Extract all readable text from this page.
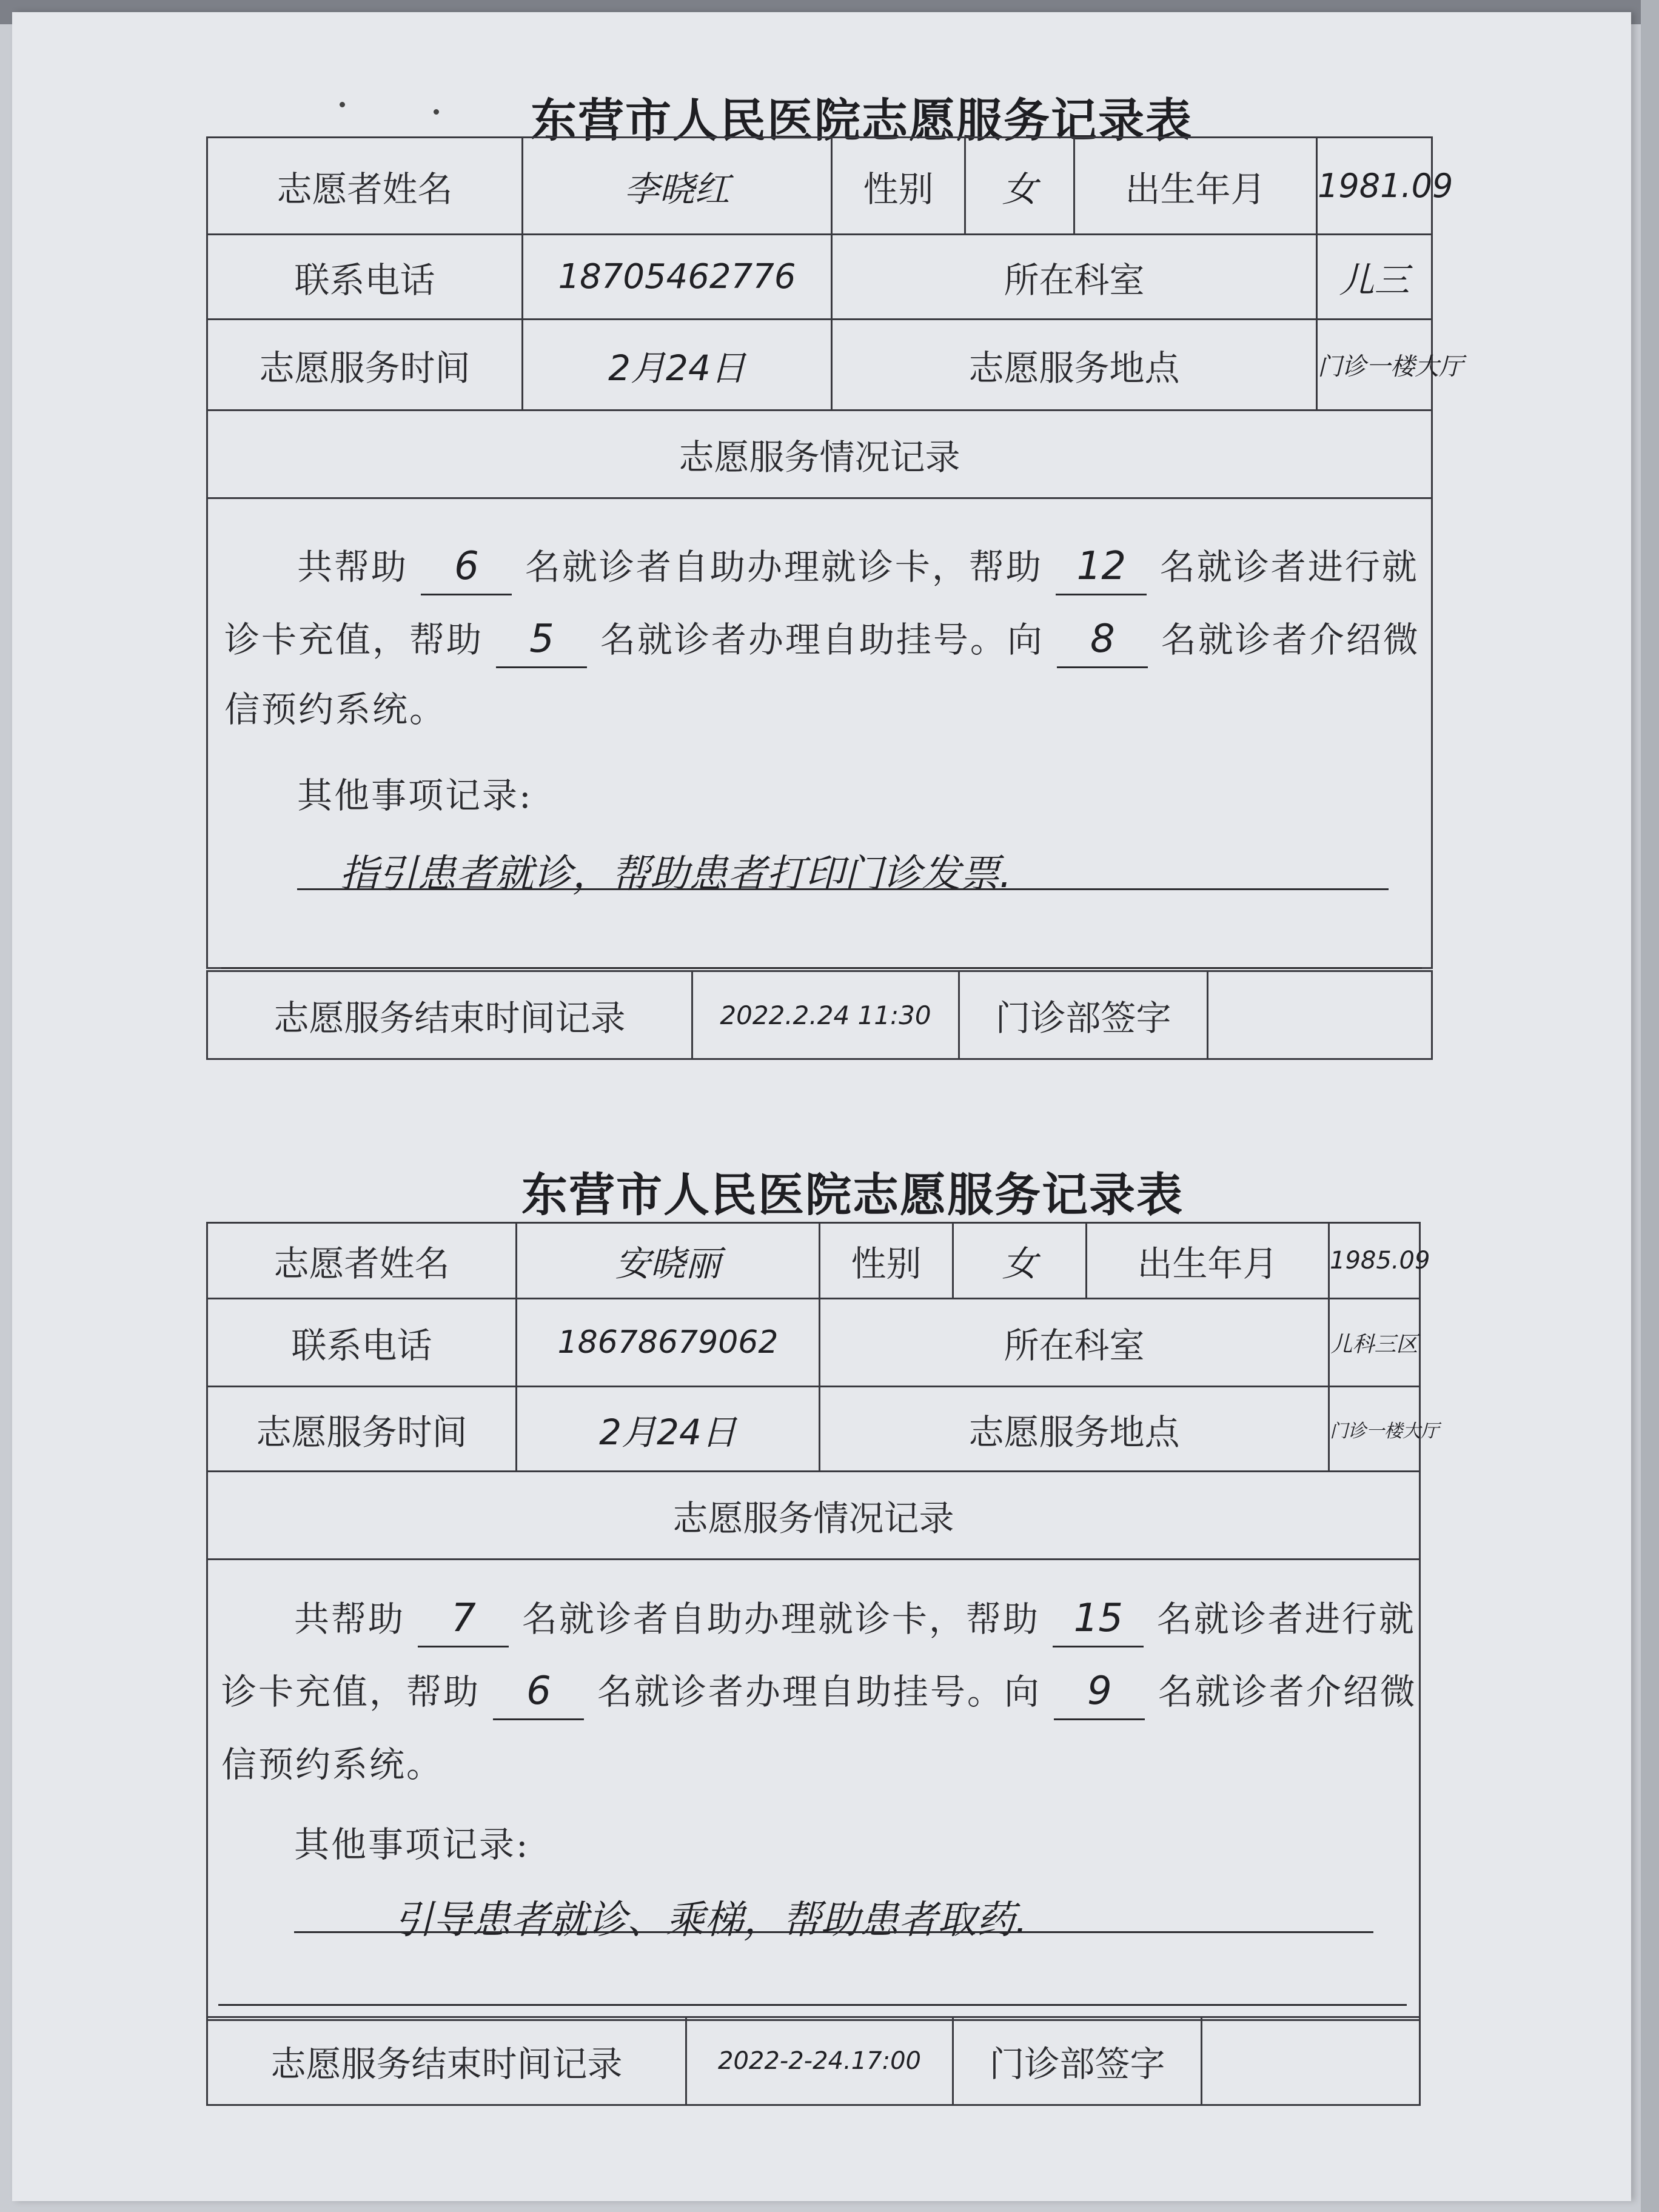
东营市人民医院志愿服务记录表
志愿者姓名	李晓红	性别	女	出生年月	1981.09
联系电话	18705462776	所在科室			儿三
志愿服务时间	2月24日	志愿服务地点			门诊一楼大厅
志愿服务情况记录					

共帮助 6 名就诊者自助办理就诊卡，帮助 12 名就诊者进行就
诊卡充值，帮助 5 名就诊者办理自助挂号。向 8 名就诊者介绍微
信预约系统。
其他事项记录:
指引患者就诊，帮助患者打印门诊发票.
志愿服务结束时间记录	2022.2.24 11:30	门诊部签字	
东营市人民医院志愿服务记录表
志愿者姓名	安晓丽	性别	女	出生年月	1985.09
联系电话	18678679062	所在科室			儿科三区
志愿服务时间	2月24日	志愿服务地点			门诊一楼大厅
志愿服务情况记录					

共帮助 7 名就诊者自助办理就诊卡，帮助 15 名就诊者进行就
诊卡充值，帮助 6 名就诊者办理自助挂号。向 9 名就诊者介绍微
信预约系统。
其他事项记录:
引导患者就诊、乘梯，帮助患者取药.
志愿服务结束时间记录	2022-2-24.17:00	门诊部签字	
